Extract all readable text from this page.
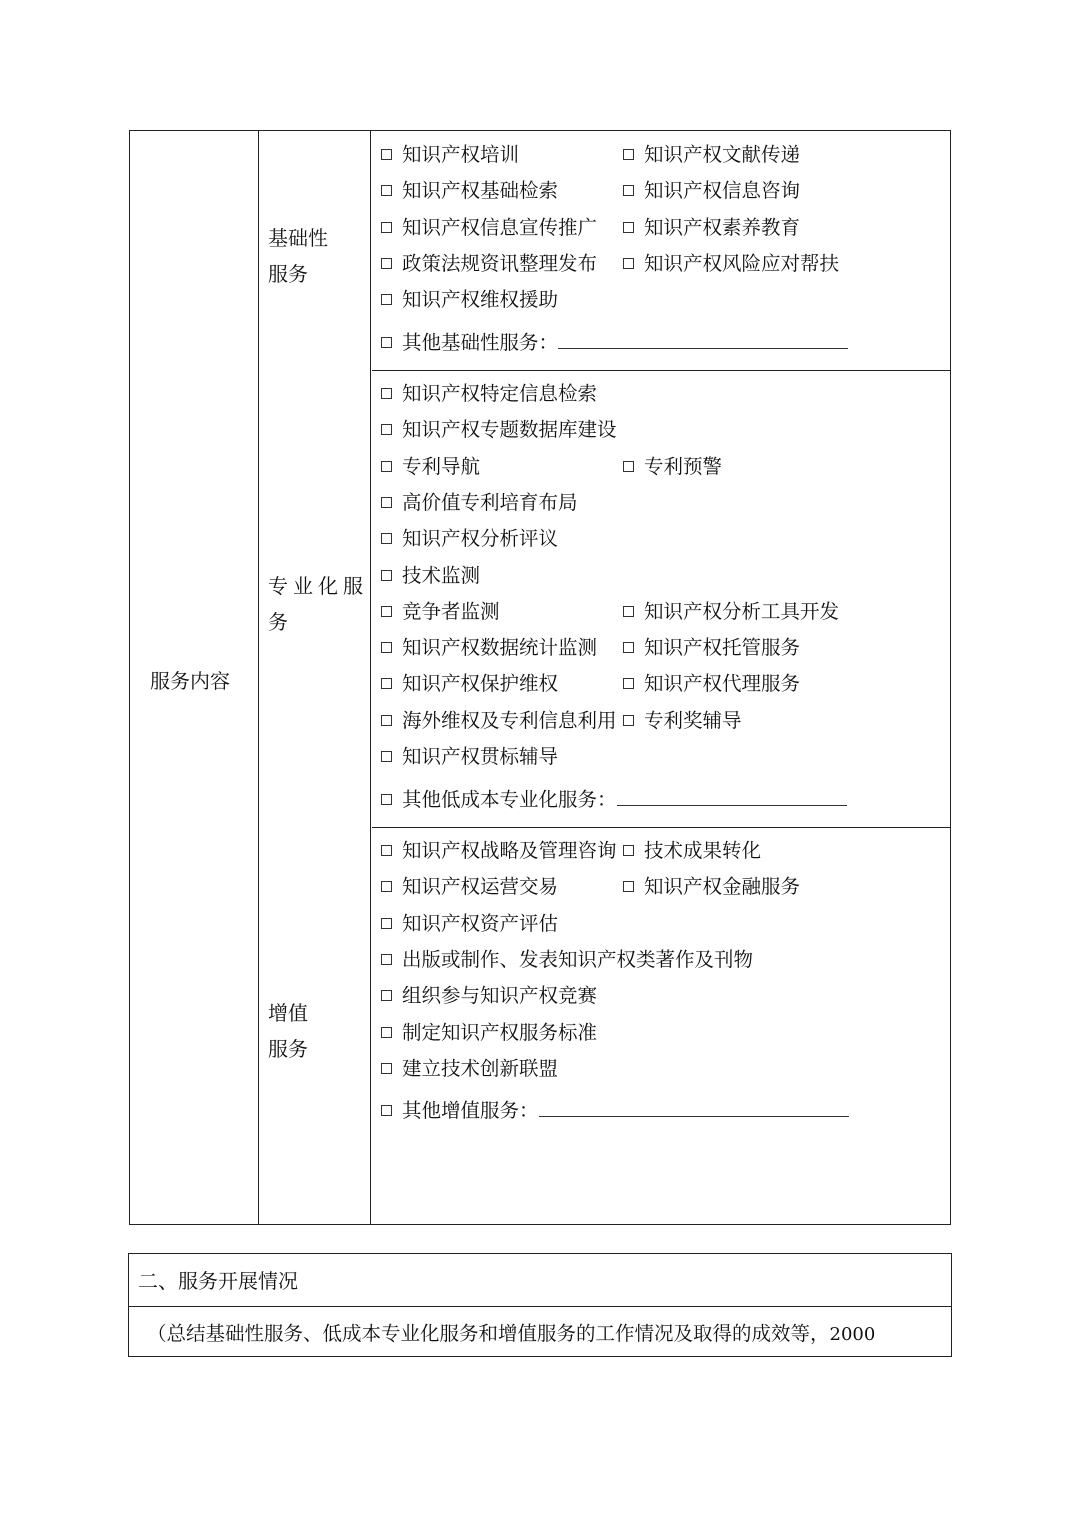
服务内容
基础性
服务
知识产权培训	知识产权文献传递
知识产权基础检索	知识产权信息咨询
知识产权信息宣传推广	知识产权素养教育
政策法规资讯整理发布	知识产权风险应对帮扶
知识产权维权援助
其他基础性服务：
专业化服
务
知识产权特定信息检索
知识产权专题数据库建设
专利导航	专利预警
高价值专利培育布局
知识产权分析评议
技术监测
竞争者监测	知识产权分析工具开发
知识产权数据统计监测	知识产权托管服务
知识产权保护维权	知识产权代理服务
海外维权及专利信息利用	专利奖辅导
知识产权贯标辅导
其他低成本专业化服务：
增值
服务
知识产权战略及管理咨询	技术成果转化
知识产权运营交易	知识产权金融服务
知识产权资产评估
出版或制作、发表知识产权类著作及刊物
组织参与知识产权竞赛
制定知识产权服务标准
建立技术创新联盟
其他增值服务：
二、服务开展情况
（总结基础性服务、低成本专业化服务和增值服务的工作情况及取得的成效等，2000
